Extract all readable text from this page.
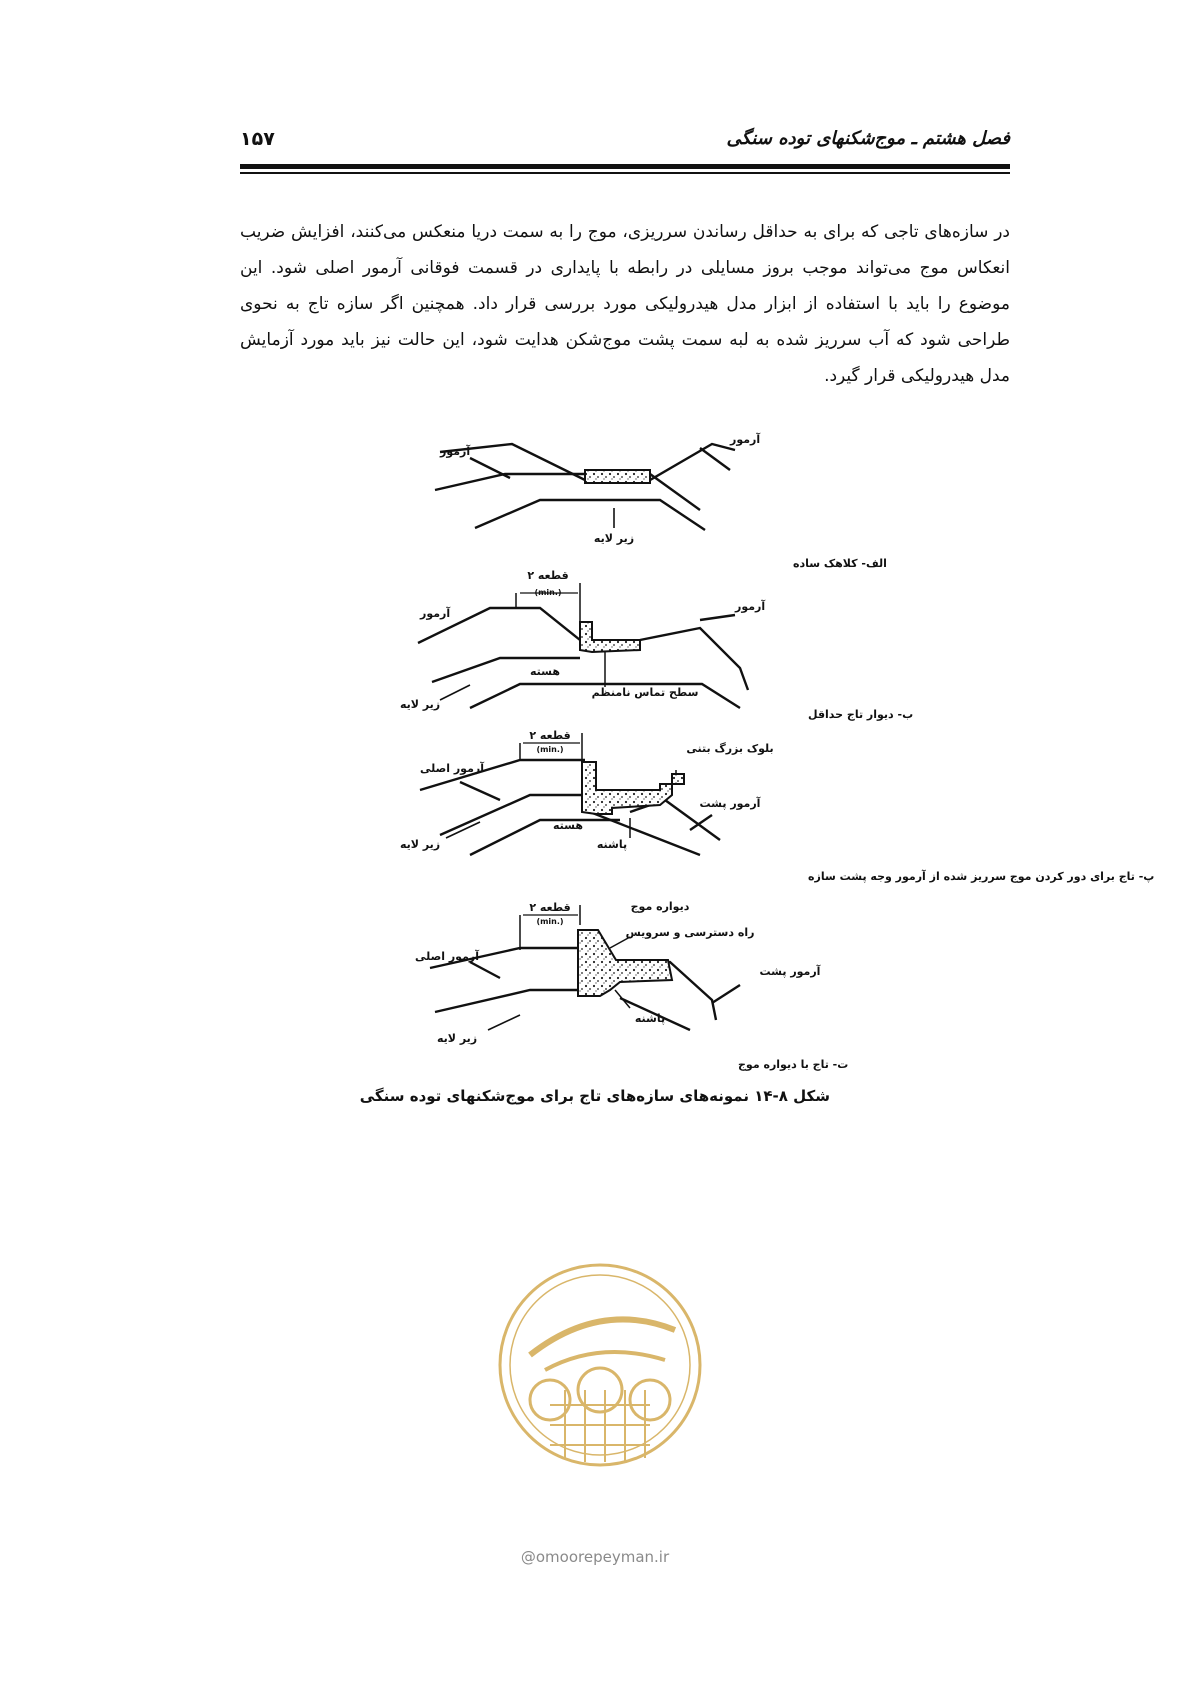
فصل هشتم ـ موج‌شکنهای توده سنگی
۱۵۷

در سازه‌های تاجی که برای به حداقل رساندن سرریزی، موج را به سمت دریا منعکس می‌کنند، افزایش ضریب انعکاس موج می‌تواند موجب بروز مسایلی در رابطه با پایداری در قسمت فوقانی آرمور اصلی شود. این موضوع را باید با استفاده از ابزار مدل هیدرولیکی مورد بررسی قرار داد. همچنین اگر سازه تاج به نحوی طراحی شود که آب سرریز شده به لبه سمت پشت موج‌شکن هدایت شود، این حالت نیز باید مورد آزمایش مدل هیدرولیکی قرار گیرد.

آرمور
آرمور
زیر لایه
الف- کلاهک ساده
۲ قطعه
(min.)
آرمور
آرمور
هسته
سطح تماس نامنظم
زیر لایه
ب- دیوار تاج حداقل
۲ قطعه
(min.)
آرمور اصلی
بلوک بزرگ بتنی
آرمور پشت
هسته
پاشنه
زیر لایه
پ- تاج برای دور کردن موج سرریز شده از آرمور وجه پشت سازه
۲ قطعه
(min.)
دیواره موج
راه دسترسی و سرویس
آرمور اصلی
آرمور پشت
پاشنه
زیر لایه
ت- تاج با دیواره موج
شکل ۸-۱۴ نمونه‌های سازه‌های تاج برای موج‌شکنهای توده سنگی
@omoorepeyman.ir
